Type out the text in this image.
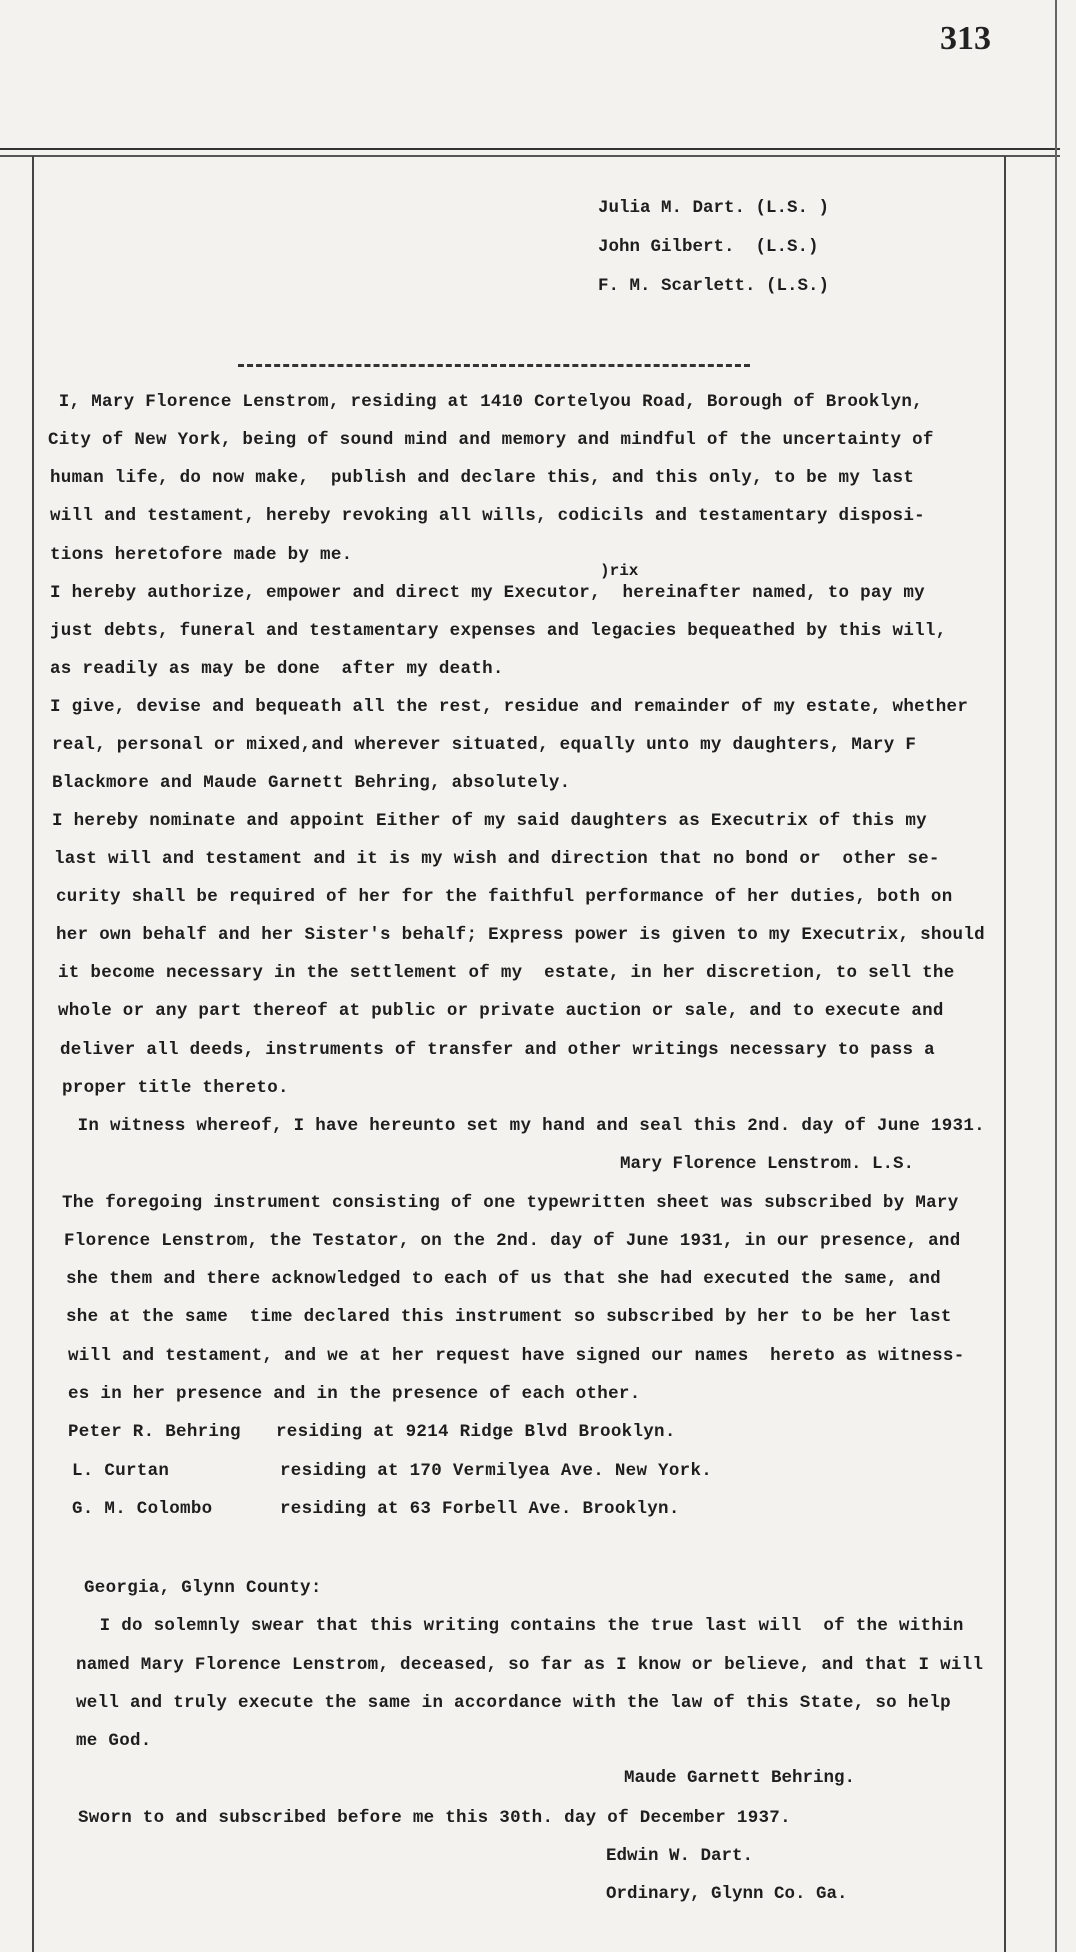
313
Julia M. Dart. (L.S. )
John Gilbert.  (L.S.)
F. M. Scarlett. (L.S.)
I, Mary Florence Lenstrom, residing at 1410 Cortelyou Road, Borough of Brooklyn,
City of New York, being of sound mind and memory and mindful of the uncertainty of
human life, do now make,  publish and declare this, and this only, to be my last
will and testament, hereby revoking all wills, codicils and testamentary disposi-
tions heretofore made by me.
)rix
I hereby authorize, empower and direct my Executor,  hereinafter named, to pay my
just debts, funeral and testamentary expenses and legacies bequeathed by this will,
as readily as may be done  after my death.
I give, devise and bequeath all the rest, residue and remainder of my estate, whether
real, personal or mixed,and wherever situated, equally unto my daughters, Mary F
Blackmore and Maude Garnett Behring, absolutely.
I hereby nominate and appoint Either of my said daughters as Executrix of this my
last will and testament and it is my wish and direction that no bond or  other se-
curity shall be required of her for the faithful performance of her duties, both on
her own behalf and her Sister's behalf; Express power is given to my Executrix, should
it become necessary in the settlement of my  estate, in her discretion, to sell the
whole or any part thereof at public or private auction or sale, and to execute and
deliver all deeds, instruments of transfer and other writings necessary to pass a
proper title thereto.
In witness whereof, I have hereunto set my hand and seal this 2nd. day of June 1931.
Mary Florence Lenstrom. L.S.
The foregoing instrument consisting of one typewritten sheet was subscribed by Mary
Florence Lenstrom, the Testator, on the 2nd. day of June 1931, in our presence, and
she them and there acknowledged to each of us that she had executed the same, and
she at the same  time declared this instrument so subscribed by her to be her last
will and testament, and we at her request have signed our names  hereto as witness-
es in her presence and in the presence of each other.
Peter R. Behring residing at 9214 Ridge Blvd Brooklyn.
L. Curtan	residing at 170 Vermilyea Ave. New York.
G. M. Colombo	residing at 63 Forbell Ave. Brooklyn.
Georgia, Glynn County:
I do solemnly swear that this writing contains the true last will  of the within
named Mary Florence Lenstrom, deceased, so far as I know or believe, and that I will
well and truly execute the same in accordance with the law of this State, so help
me God.
Maude Garnett Behring.
Sworn to and subscribed before me this 30th. day of December 1937.
Edwin W. Dart.
Ordinary, Glynn Co. Ga.
